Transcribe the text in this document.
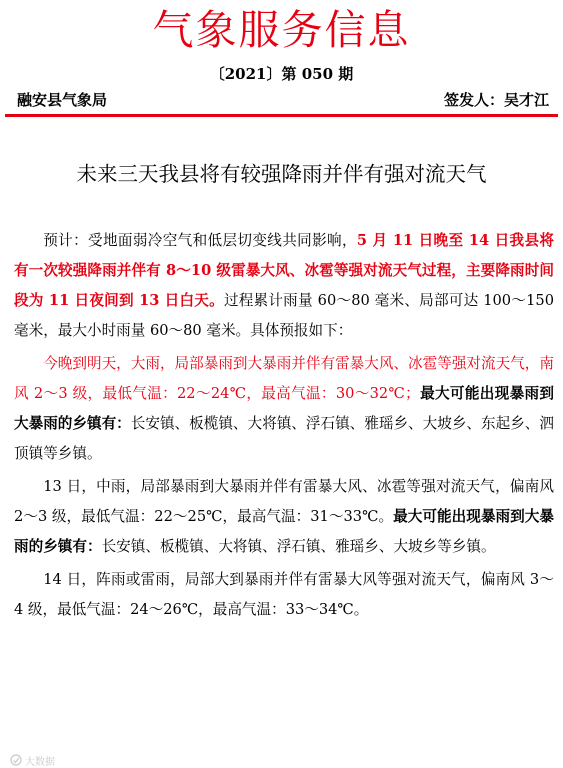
气象服务信息
〔2021〕第 050 期
融安县气象局	签发人：吴才江
未来三天我县将有较强降雨并伴有强对流天气

预计：受地面弱冷空气和低层切变线共同影响，5 月 11 日晚至 14 日我县将有一次较强降雨并伴有 8～10 级雷暴大风、冰雹等强对流天气过程，主要降雨时间段为 11 日夜间到 13 日白天。过程累计雨量 60～80 毫米、局部可达 100～150 毫米，最大小时雨量 60～80 毫米。具体预报如下：

今晚到明天，大雨，局部暴雨到大暴雨并伴有雷暴大风、冰雹等强对流天气，南风 2～3 级，最低气温：22～24℃，最高气温：30～32℃；最大可能出现暴雨到大暴雨的乡镇有：长安镇、板榄镇、大将镇、浮石镇、雅瑶乡、大坡乡、东起乡、泗顶镇等乡镇。

13 日，中雨，局部暴雨到大暴雨并伴有雷暴大风、冰雹等强对流天气，偏南风 2～3 级，最低气温：22～25℃，最高气温：31～33℃。最大可能出现暴雨到大暴雨的乡镇有：长安镇、板榄镇、大将镇、浮石镇、雅瑶乡、大坡乡等乡镇。

14 日，阵雨或雷雨，局部大到暴雨并伴有雷暴大风等强对流天气，偏南风 3～4 级，最低气温：24～26℃，最高气温：33～34℃。

大数据
